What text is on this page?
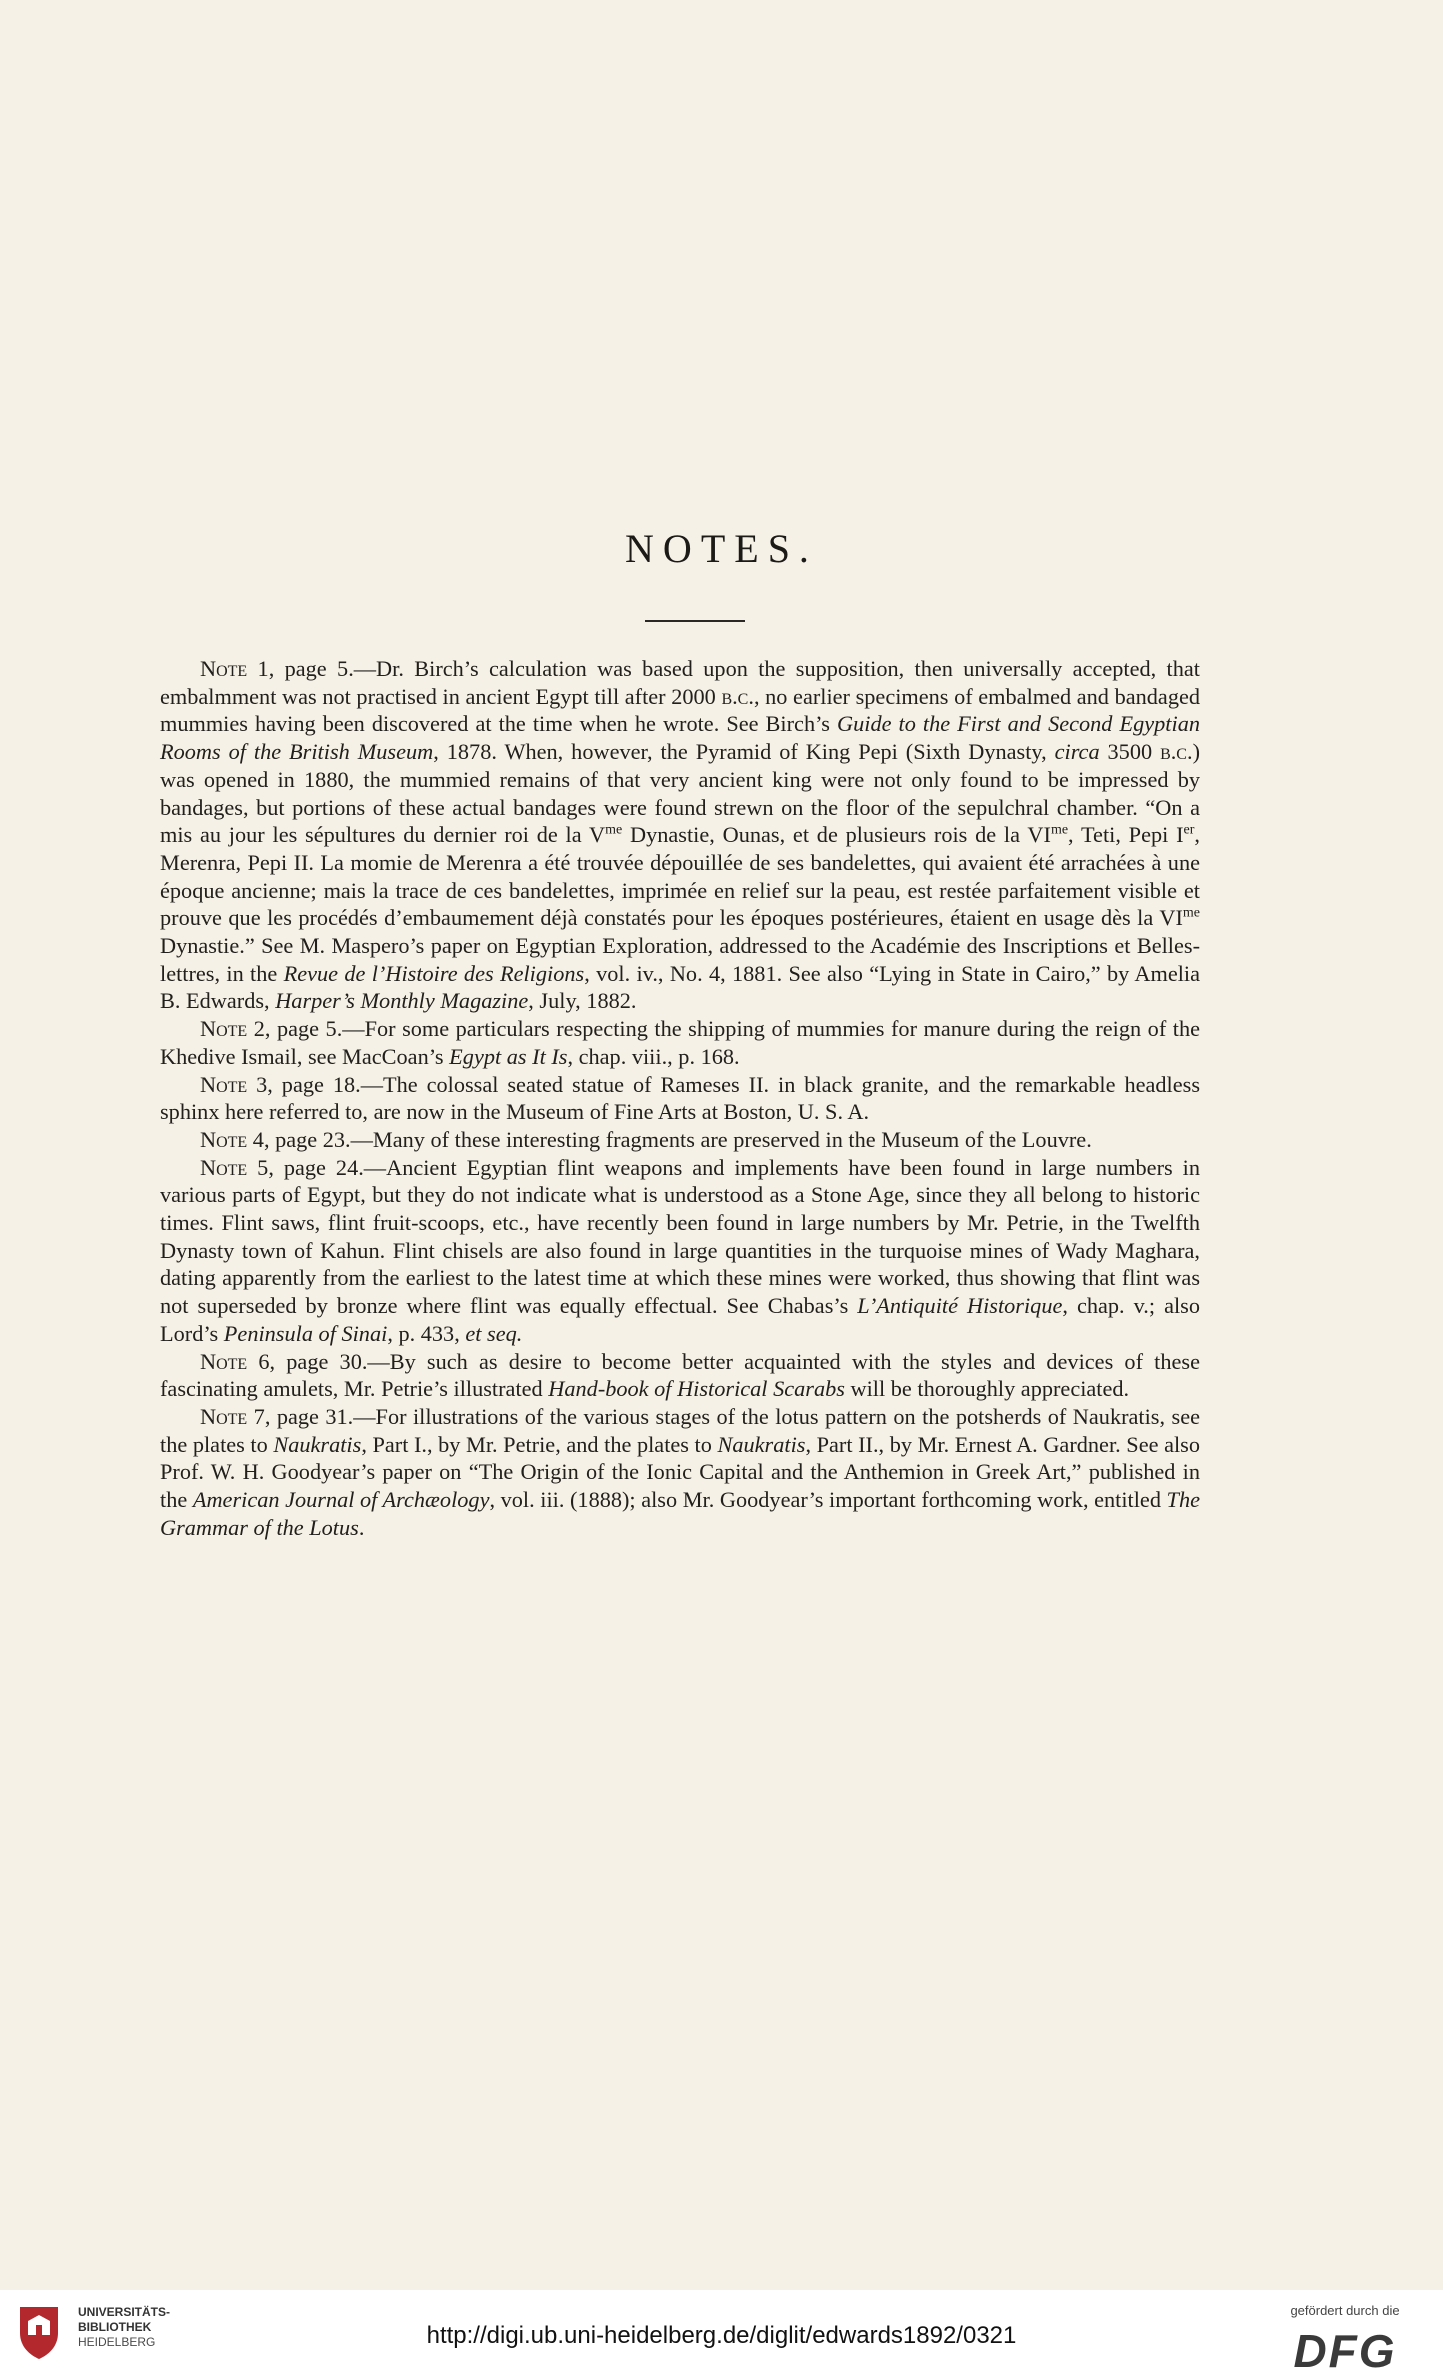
NOTES.

Note 1, page 5.—Dr. Birch’s calculation was based upon the supposition, then universally accepted, that embalmment was not practised in ancient Egypt till after 2000 b.c., no earlier specimens of embalmed and bandaged mummies having been discovered at the time when he wrote. See Birch’s Guide to the First and Second Egyptian Rooms of the British Museum, 1878. When, however, the Pyramid of King Pepi (Sixth Dynasty, circa 3500 b.c.) was opened in 1880, the mummied remains of that very ancient king were not only found to be impressed by bandages, but portions of these actual bandages were found strewn on the floor of the sepulchral chamber. “On a mis au jour les sépultures du dernier roi de la $V^{me}$ Dynastie, Ounas, et de plusieurs rois de la $VI^{me}$, Teti, Pepi Ier, Merenra, Pepi II. La momie de Merenra a été trouvée dépouillée de ses bandelettes, qui avaient été arrachées à une époque ancienne; mais la trace de ces bandelettes, imprimée en relief sur la peau, est restée parfaitement visible et prouve que les procédés d’embaumement déjà constatés pour les époques postérieures, étaient en usage dès la $VI^{me}$ Dynastie.” See M. Maspero’s paper on Egyptian Exploration, addressed to the Académie des Inscriptions et Belles-lettres, in the Revue de l’Histoire des Religions, vol. iv., No. 4, 1881. See also “Lying in State in Cairo,” by Amelia B. Edwards, Harper’s Monthly Magazine, July, 1882.

Note 2, page 5.—For some particulars respecting the shipping of mummies for manure during the reign of the Khedive Ismail, see MacCoan’s Egypt as It Is, chap. viii., p. 168.

Note 3, page 18.—The colossal seated statue of Rameses II. in black granite, and the remarkable headless sphinx here referred to, are now in the Museum of Fine Arts at Boston, U. S. A.

Note 4, page 23.—Many of these interesting fragments are preserved in the Museum of the Louvre.

Note 5, page 24.—Ancient Egyptian flint weapons and implements have been found in large numbers in various parts of Egypt, but they do not indicate what is understood as a Stone Age, since they all belong to historic times. Flint saws, flint fruit-scoops, etc., have recently been found in large numbers by Mr. Petrie, in the Twelfth Dynasty town of Kahun. Flint chisels are also found in large quantities in the turquoise mines of Wady Maghara, dating apparently from the earliest to the latest time at which these mines were worked, thus showing that flint was not superseded by bronze where flint was equally effectual. See Chabas’s L’Antiquité Historique, chap. v.; also Lord’s Peninsula of Sinai, p. 433, et seq.

Note 6, page 30.—By such as desire to become better acquainted with the styles and devices of these fascinating amulets, Mr. Petrie’s illustrated Hand-book of Historical Scarabs will be thoroughly appreciated.

Note 7, page 31.—For illustrations of the various stages of the lotus pattern on the potsherds of Naukratis, see the plates to Naukratis, Part I., by Mr. Petrie, and the plates to Naukratis, Part II., by Mr. Ernest A. Gardner. See also Prof. W. H. Goodyear’s paper on “The Origin of the Ionic Capital and the Anthemion in Greek Art,” published in the American Journal of Archæology, vol. iii. (1888); also Mr. Goodyear’s important forthcoming work, entitled The Grammar of the Lotus.

UNIVERSITÄTS-
BIBLIOTHEK
HEIDELBERG	http://digi.ub.uni-heidelberg.de/diglit/edwards1892/0321
gefördert durch die
DFG
